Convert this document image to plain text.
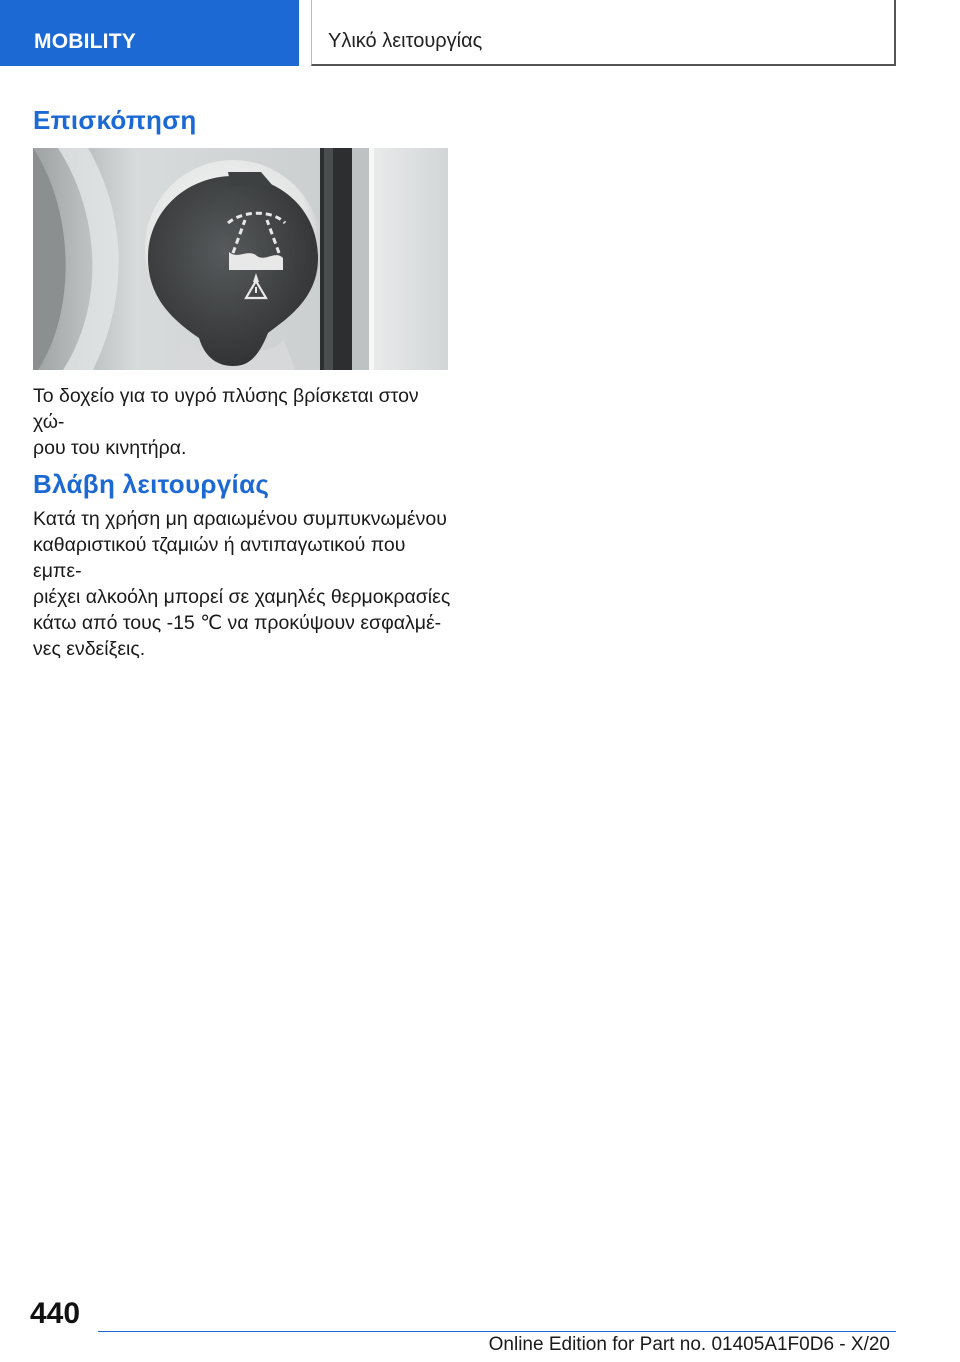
MOBILITY	Υλικό λειτουργίας
Επισκόπηση

Το δοχείο για το υγρό πλύσης βρίσκεται στον χώ-
ρου του κινητήρα.

Βλάβη λειτουργίας

Κατά τη χρήση μη αραιωμένου συμπυκνωμένου
καθαριστικού τζαμιών ή αντιπαγωτικού που εμπε-
ριέχει αλκοόλη μπορεί σε χαμηλές θερμοκρασίες
κάτω από τους -15 ℃ να προκύψουν εσφαλμέ-
νες ενδείξεις.

440
Online Edition for Part no. 01405A1F0D6 - X/20
